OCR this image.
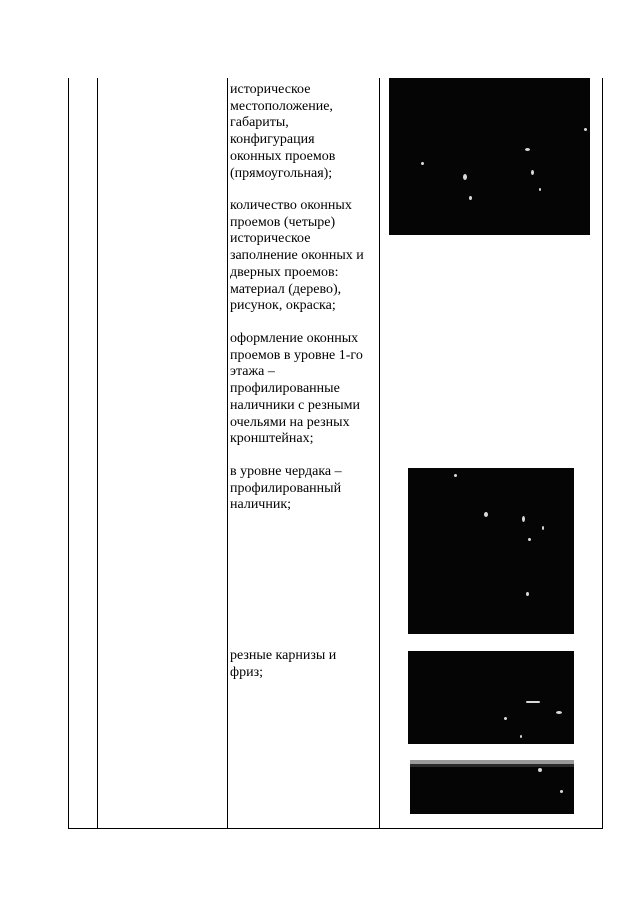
историческое
местоположение,
габариты,
конфигурация
оконных проемов
(прямоугольная);
количество оконных
проемов (четыре)
историческое
заполнение оконных и
дверных проемов:
материал (дерево),
рисунок, окраска;
оформление оконных
проемов в уровне 1-го
этажа –
профилированные
наличники с резными
очельями на резных
кронштейнах;
в уровне чердака –
профилированный
наличник;
резные карнизы и
фриз;
